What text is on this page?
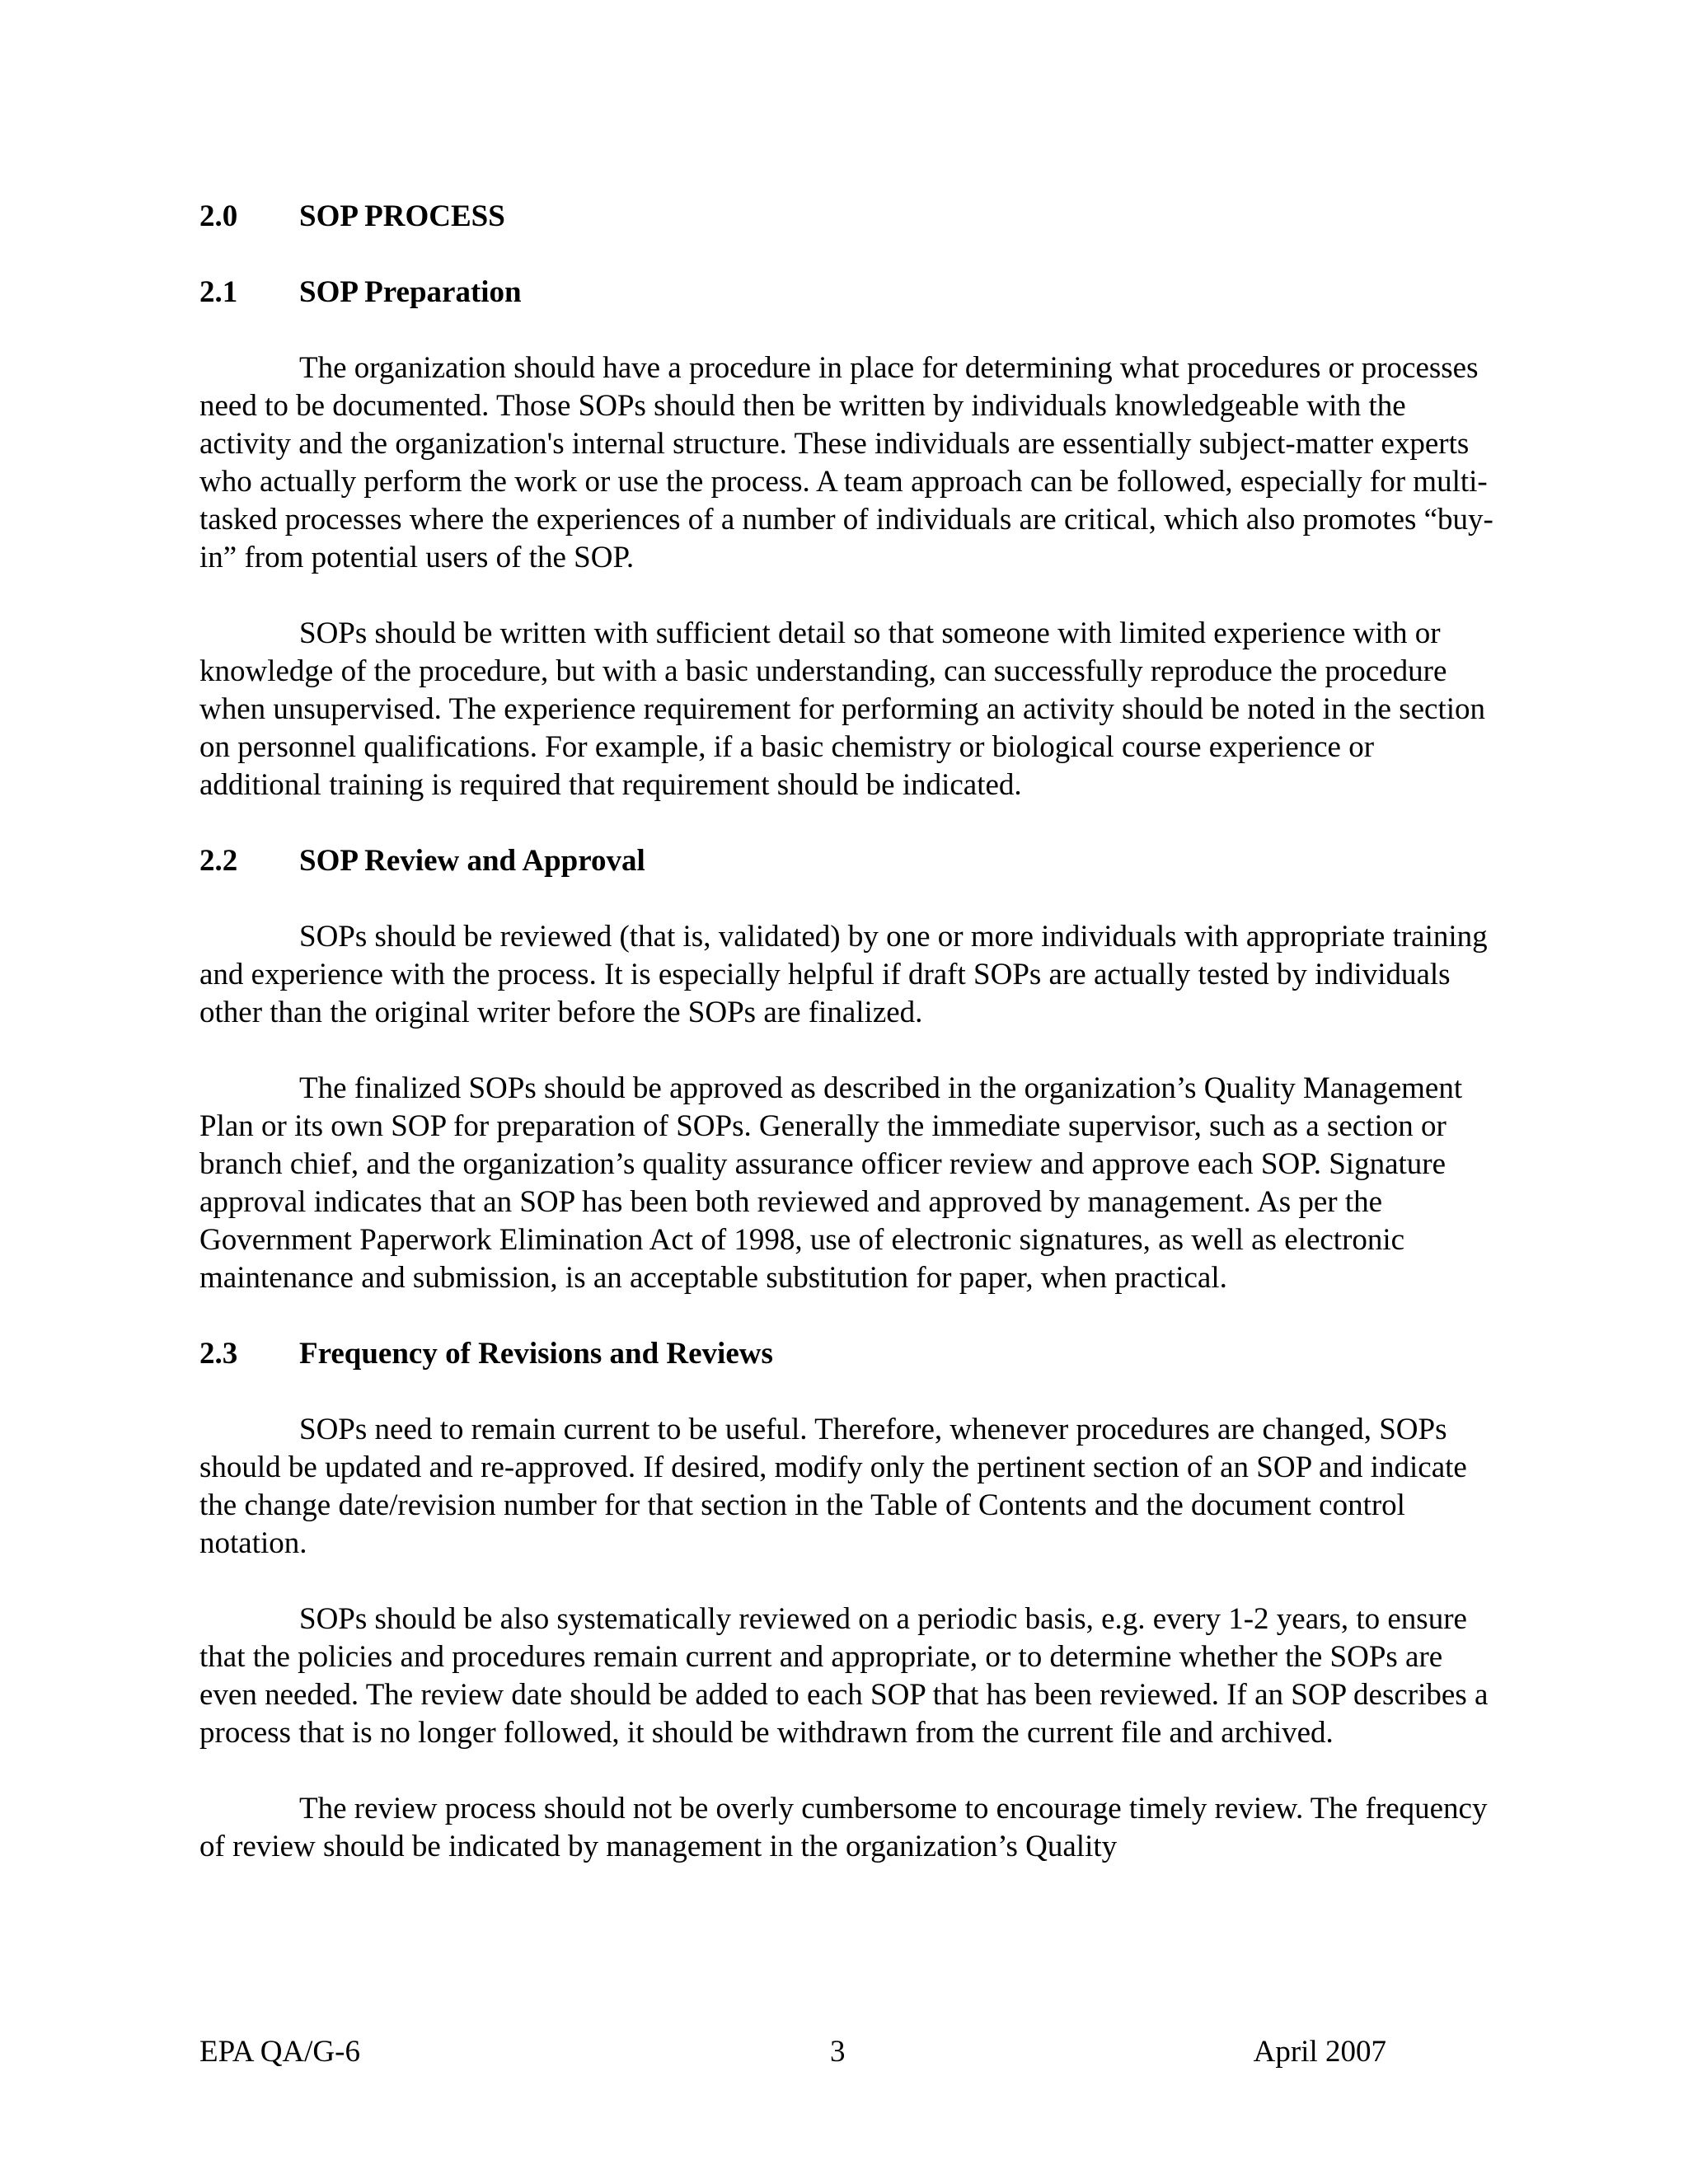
2.0	SOP PROCESS
2.1	SOP Preparation

The organization should have a procedure in place for determining what procedures or processes need to be documented. Those SOPs should then be written by individuals knowledgeable with the activity and the organization's internal structure. These individuals are essentially subject-matter experts who actually perform the work or use the process. A team approach can be followed, especially for multi-tasked processes where the experiences of a number of individuals are critical, which also promotes “buy-in” from potential users of the SOP.

SOPs should be written with sufficient detail so that someone with limited experience with or knowledge of the procedure, but with a basic understanding, can successfully reproduce the procedure when unsupervised. The experience requirement for performing an activity should be noted in the section on personnel qualifications. For example, if a basic chemistry or biological course experience or additional training is required that requirement should be indicated.

2.2	SOP Review and Approval

SOPs should be reviewed (that is, validated) by one or more individuals with appropriate training and experience with the process. It is especially helpful if draft SOPs are actually tested by individuals other than the original writer before the SOPs are finalized.

The finalized SOPs should be approved as described in the organization’s Quality Management Plan or its own SOP for preparation of SOPs. Generally the immediate supervisor, such as a section or branch chief, and the organization’s quality assurance officer review and approve each SOP. Signature approval indicates that an SOP has been both reviewed and approved by management. As per the Government Paperwork Elimination Act of 1998, use of electronic signatures, as well as electronic maintenance and submission, is an acceptable substitution for paper, when practical.

2.3	Frequency of Revisions and Reviews

SOPs need to remain current to be useful. Therefore, whenever procedures are changed, SOPs should be updated and re-approved. If desired, modify only the pertinent section of an SOP and indicate the change date/revision number for that section in the Table of Contents and the document control notation.

SOPs should be also systematically reviewed on a periodic basis, e.g. every 1-2 years, to ensure that the policies and procedures remain current and appropriate, or to determine whether the SOPs are even needed. The review date should be added to each SOP that has been reviewed. If an SOP describes a process that is no longer followed, it should be withdrawn from the current file and archived.

The review process should not be overly cumbersome to encourage timely review. The frequency of review should be indicated by management in the organization’s Quality

EPA QA/G-6	3	April 2007
